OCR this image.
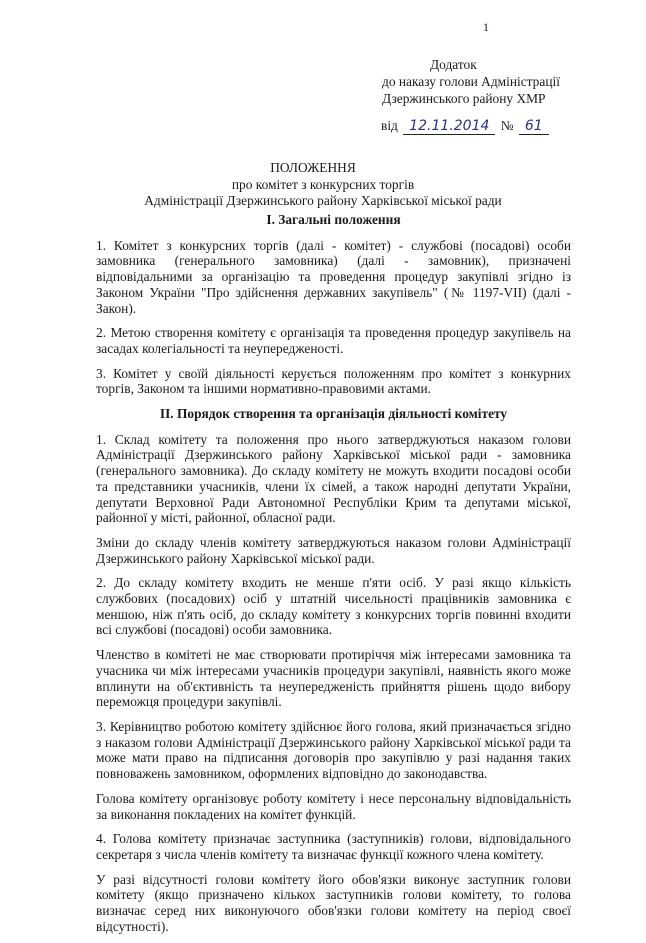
1
Додаток
до наказу голови Адміністрації
Дзержинського району ХМР
від 12.11.2014 № 61
ПОЛОЖЕННЯ
про комітет з конкурсних торгів
Адміністрації Дзержинського району Харківської міської ради
I. Загальні положення

1. Комітет з конкурсних торгів (далі - комітет) - службові (посадові) особи замовника (генерального замовника) (далі - замовник), призначені відповідальними за організацію та проведення процедур закупівлі згідно із Законом України "Про здійснення державних закупівель" (№ 1197-VII) (далі - Закон).

2. Метою створення комітету є організація та проведення процедур закупівель на засадах колегіальності та неупередженості.

3. Комітет у своїй діяльності керується положенням про комітет з конкурних торгів, Законом та іншими нормативно-правовими актами.

II. Порядок створення та організація діяльності комітету

1. Склад комітету та положення про нього затверджуються наказом голови Адміністрації Дзержинського району Харківської міської ради - замовника (генерального замовника). До складу комітету не можуть входити посадові особи та представники учасників, члени їх сімей, а також народні депутати України, депутати Верховної Ради Автономної Республіки Крим та депутами міської, районної у місті, районної, обласної ради.

Зміни до складу членів комітету затверджуються наказом голови Адміністрації Дзержинського району Харківської міської ради.

2. До складу комітету входить не менше п'яти осіб. У разі якщо кількість службових (посадових) осіб у штатній чисельності працівників замовника є меншою, ніж п'ять осіб, до складу комітету з конкурсних торгів повинні входити всі службові (посадові) особи замовника.

Членство в комітеті не має створювати протиріччя між інтересами замовника та учасника чи між інтересами учасників процедури закупівлі, наявність якого може вплинути на об'єктивність та неупередженість прийняття рішень щодо вибору переможця процедури закупівлі.

3. Керівництво роботою комітету здійснює його голова, який призначається згідно з наказом голови Адміністрації Дзержинського району Харківської міської ради та може мати право на підписання договорів про закупівлю у разі надання таких повноважень замовником, оформлених відповідно до законодавства.

Голова комітету організовує роботу комітету і несе персональну відповідальність за виконання покладених на комітет функцій.

4. Голова комітету призначає заступника (заступників) голови, відповідального секретаря з числа членів комітету та визначає функції кожного члена комітету.

У разі відсутності голови комітету його обов'язки виконує заступник голови комітету (якщо призначено кількох заступників голови комітету, то голова визначає серед них виконуючого обов'язки голови комітету на період своєї відсутності).
